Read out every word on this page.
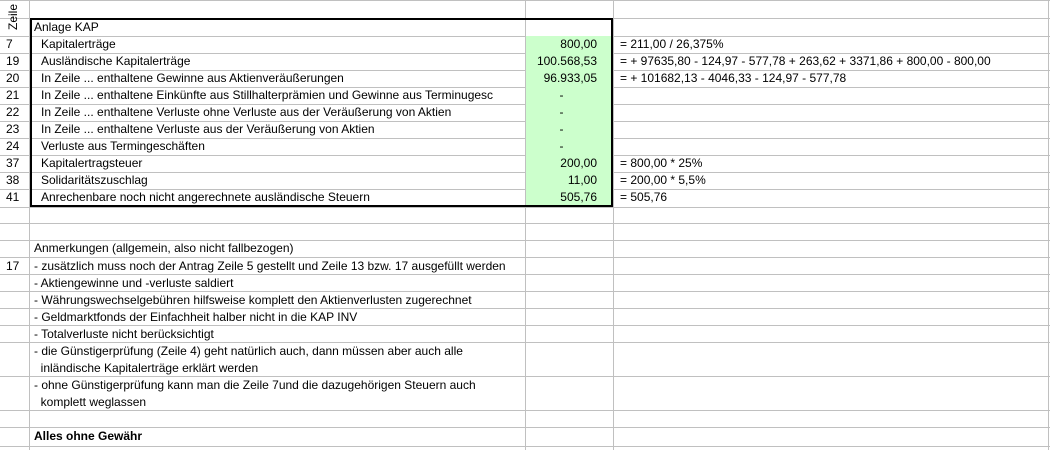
Zeile Anlage KAP
7	Kapitalerträge	800,00 = 211,00 / 26,375%
19	Ausländische Kapitalerträge	100.568,53 = + 97635,80 - 124,97 - 577,78 + 263,62 + 3371,86 + 800,00 - 800,00
20	In Zeile ... enthaltene Gewinne aus Aktienveräußerungen	96.933,05 = + 101682,13 - 4046,33 - 124,97 - 577,78
21	In Zeile ... enthaltene Einkünfte aus Stillhalterprämien und Gewinne aus Terminugesc	-
22	In Zeile ... enthaltene Verluste ohne Verluste aus der Veräußerung von Aktien	-
23	In Zeile ... enthaltene Verluste aus der Veräußerung von Aktien	-
24	Verluste aus Termingeschäften	-
37	Kapitalertragsteuer	200,00 = 800,00 * 25%
38	Solidaritätszuschlag	11,00 = 200,00 * 5,5%
41	Anrechenbare noch nicht angerechnete ausländische Steuern	505,76 = 505,76
Anmerkungen (allgemein, also nicht fallbezogen)
17	- zusätzlich muss noch der Antrag Zeile 5 gestellt und Zeile 13 bzw. 17 ausgefüllt werden
- Aktiengewinne und -verluste saldiert
- Währungswechselgebühren hilfsweise komplett den Aktienverlusten zugerechnet
- Geldmarktfonds der Einfachheit halber nicht in die KAP INV
- Totalverluste nicht berücksichtigt
- die Günstigerprüfung (Zeile 4) geht natürlich auch, dann müssen aber auch alle
inländische Kapitalerträge erklärt werden
- ohne Günstigerprüfung kann man die Zeile 7und die dazugehörigen Steuern auch
komplett weglassen
Alles ohne Gewähr
